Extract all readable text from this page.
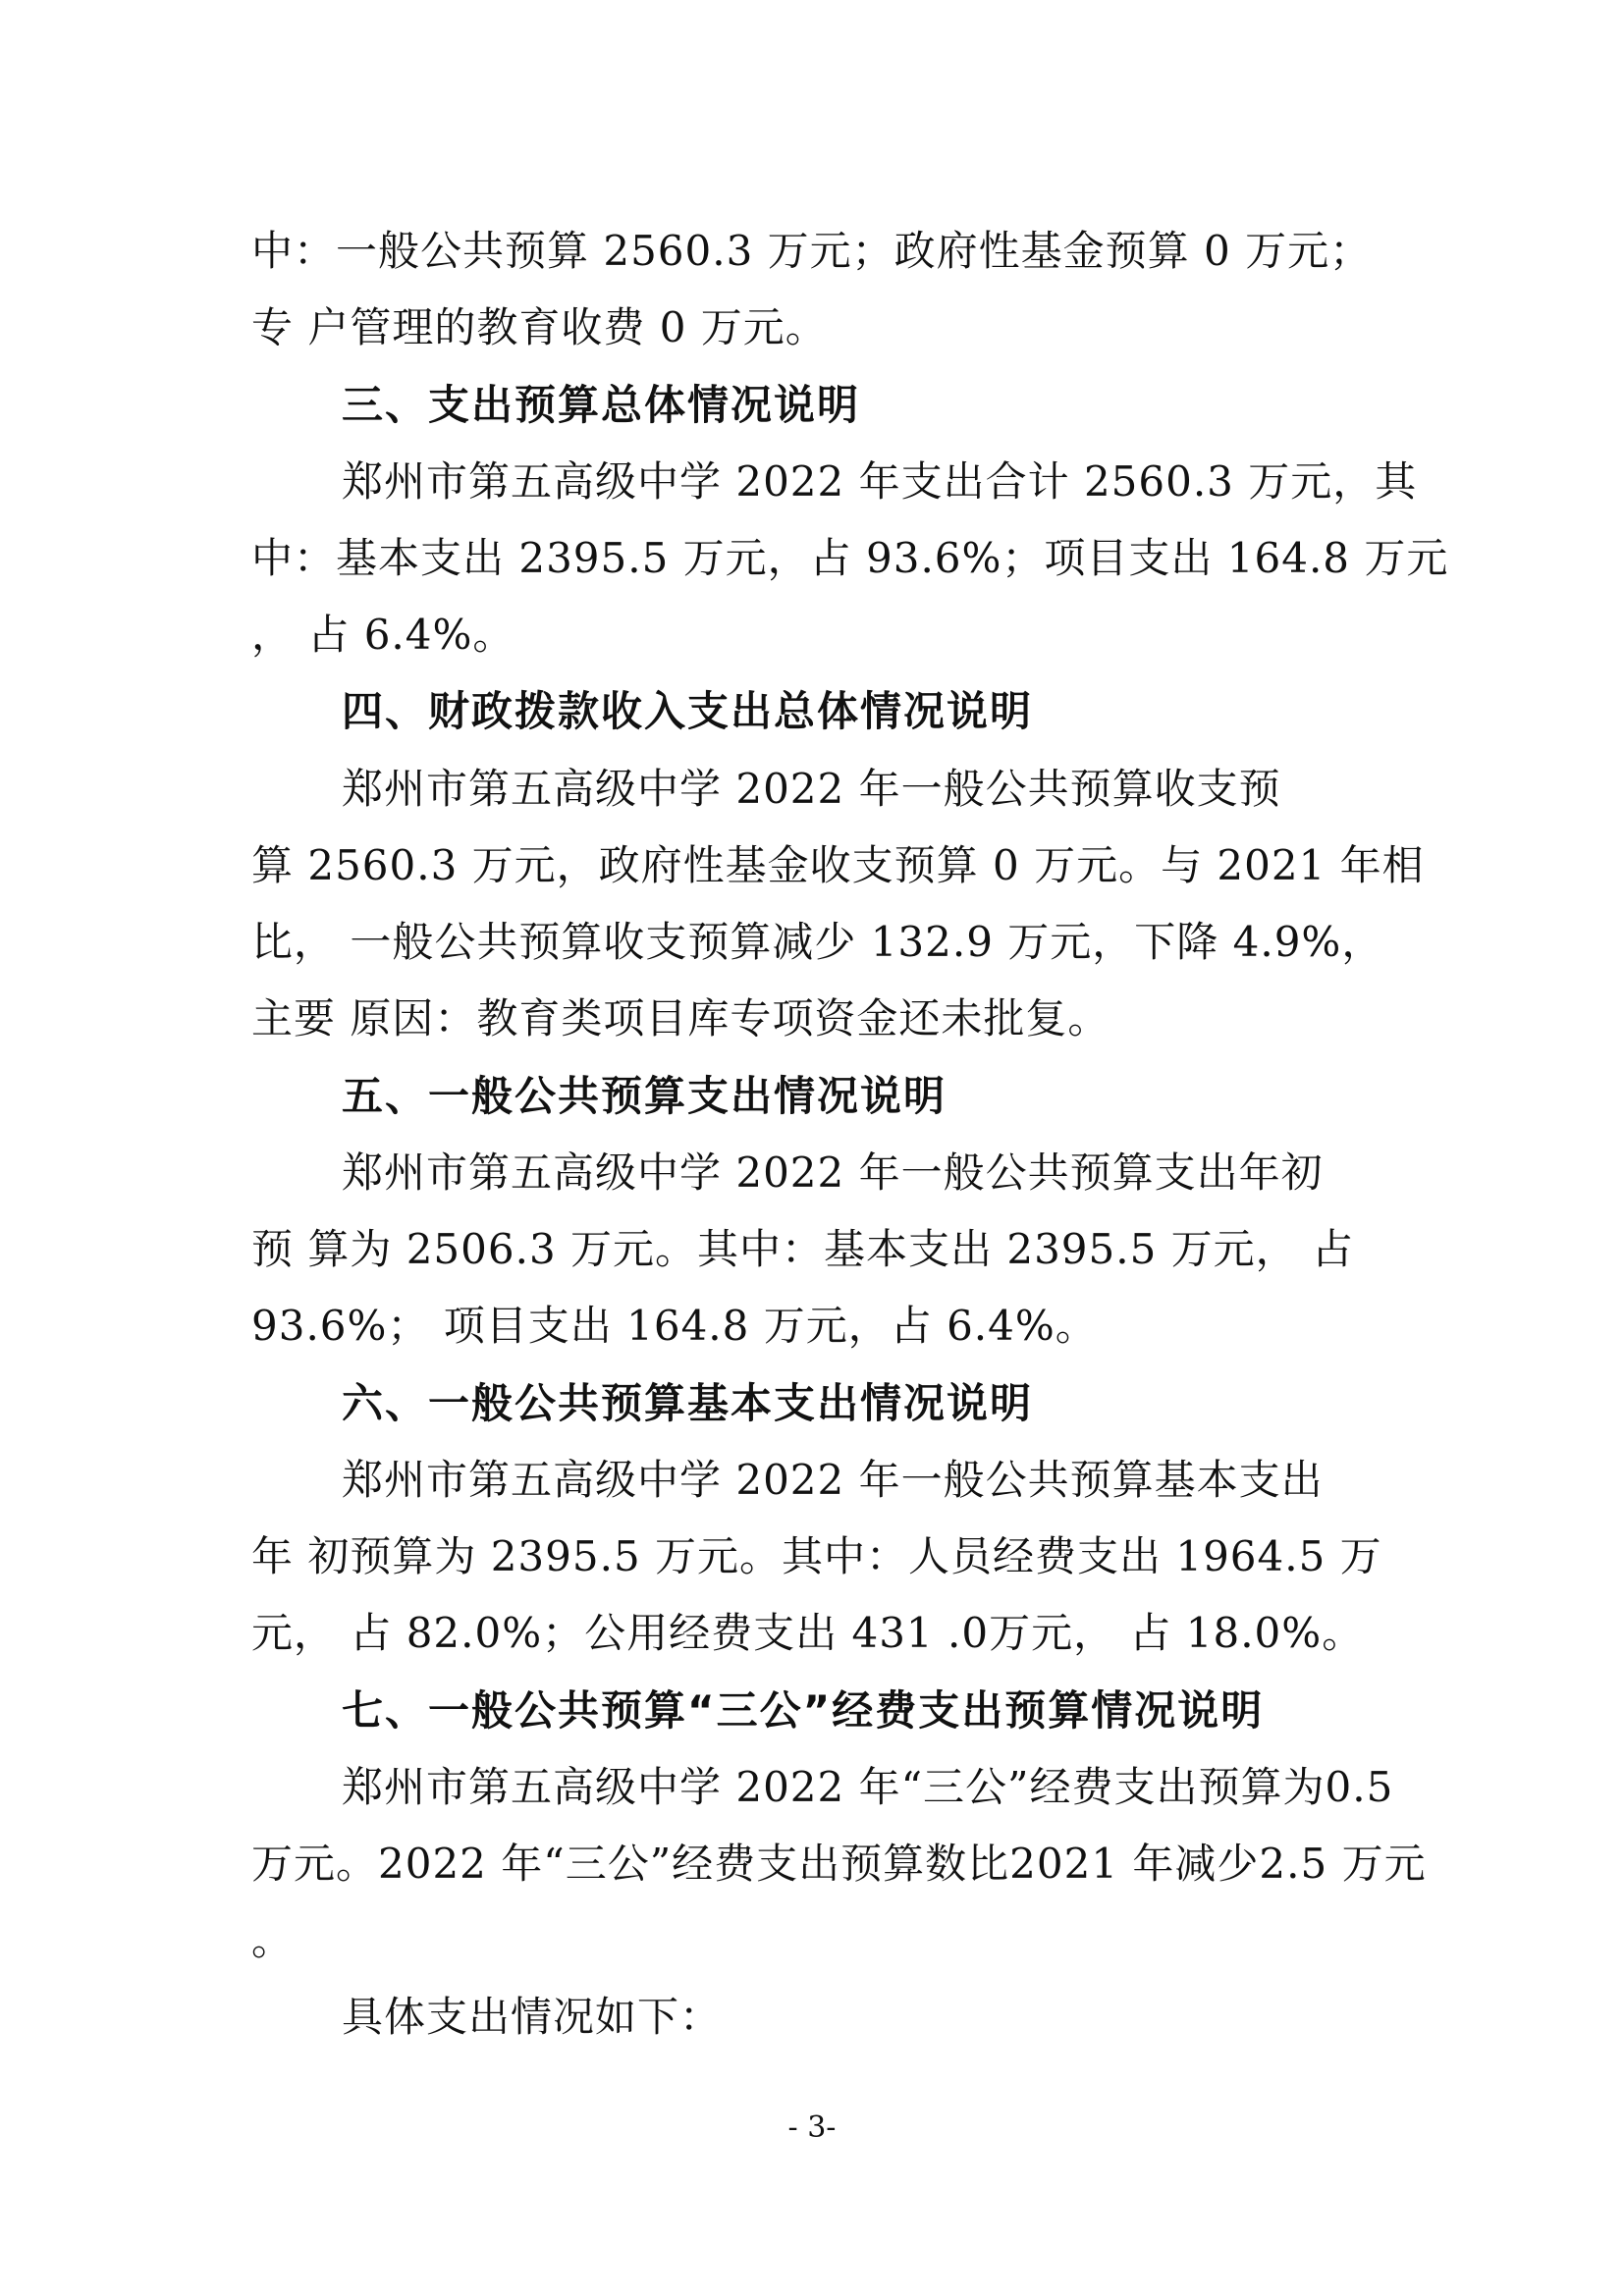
中：一般公共预算 2560.3 万元；政府性基金预算 0 万元；
专 户管理的教育收费 0 万元。
三、支出预算总体情况说明
郑州市第五高级中学 2022 年支出合计 2560.3 万元，其
中：基本支出 2395.5 万元，占 93.6%；项目支出 164.8 万元
， 占 6.4%。
四、财政拨款收入支出总体情况说明
郑州市第五高级中学 2022 年一般公共预算收支预
算 2560.3 万元，政府性基金收支预算 0 万元。与 2021 年相
比， 一般公共预算收支预算减少 132.9 万元，下降 4.9%，
主要 原因：教育类项目库专项资金还未批复。
五、一般公共预算支出情况说明
郑州市第五高级中学 2022 年一般公共预算支出年初
预 算为 2506.3 万元。其中：基本支出 2395.5 万元， 占
93.6%； 项目支出 164.8 万元，占 6.4%。
六、一般公共预算基本支出情况说明
郑州市第五高级中学 2022 年一般公共预算基本支出
年 初预算为 2395.5 万元。其中：人员经费支出 1964.5 万
元， 占 82.0%；公用经费支出 431 .0万元， 占 18.0%。
七、一般公共预算“三公”经费支出预算情况说明
郑州市第五高级中学 2022 年“三公”经费支出预算为0.5
万元。2022 年“三公”经费支出预算数比2021 年减少2.5 万元
。
具体支出情况如下：
- 3-
